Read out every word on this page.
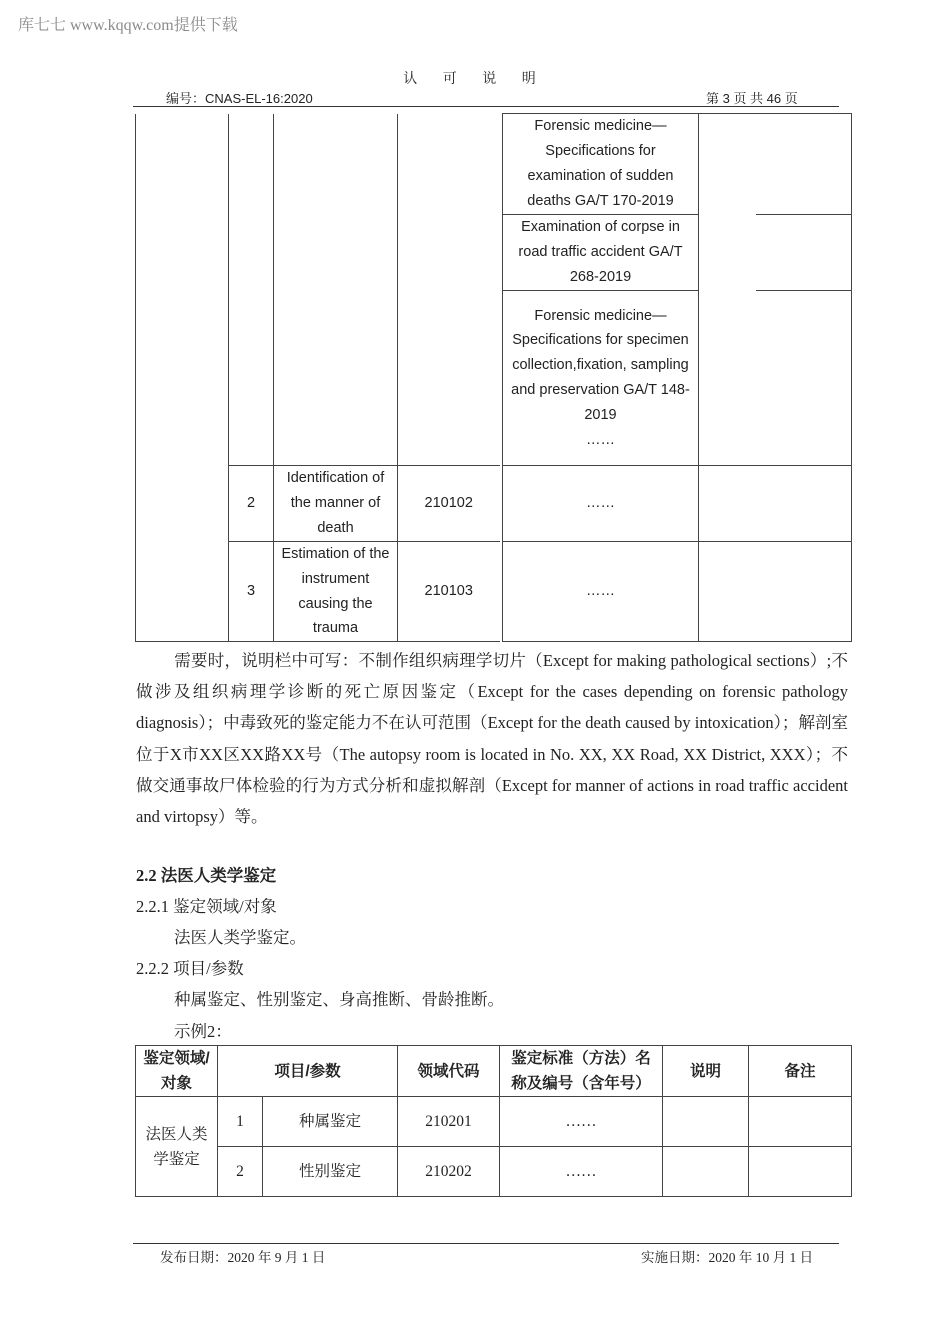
库七七 www.kqqw.com提供下载
认 可 说 明
编号：CNAS-EL-16:2020	第 3 页 共 46 页
					Forensic medicine—Specifications for examination of sudden deaths GA/T 170-2019		
					Examination of corpse in road traffic accident GA/T 268-2019		
					Forensic medicine—Specifications for specimen collection,fixation, sampling and preservation GA/T 148-2019
……		
	2	Identification of the manner of death	210102		……		
	3	Estimation of the instrument causing the trauma	210103		……		
需要时，说明栏中可写：不制作组织病理学切片（Except for making pathological sections）;不做涉及组织病理学诊断的死亡原因鉴定（Except for the cases depending on forensic pathology diagnosis）；中毒致死的鉴定能力不在认可范围（Except for the death caused by intoxication）；解剖室位于X市XX区XX路XX号（The autopsy room is located in No. XX, XX Road, XX District, XXX）；不做交通事故尸体检验的行为方式分析和虚拟解剖（Except for manner of actions in road traffic accident and virtopsy）等。
2.2 法医人类学鉴定
2.2.1 鉴定领域/对象
法医人类学鉴定。
2.2.2 项目/参数
种属鉴定、性别鉴定、身高推断、骨龄推断。
示例2：
鉴定领域/对象	项目/参数		领域代码	鉴定标准（方法）名称及编号（含年号）	说明	备注
法医人类学鉴定	1	种属鉴定	210201	……		
	2	性别鉴定	210202	……		
发布日期：2020 年 9 月 1 日	实施日期：2020 年 10 月 1 日
